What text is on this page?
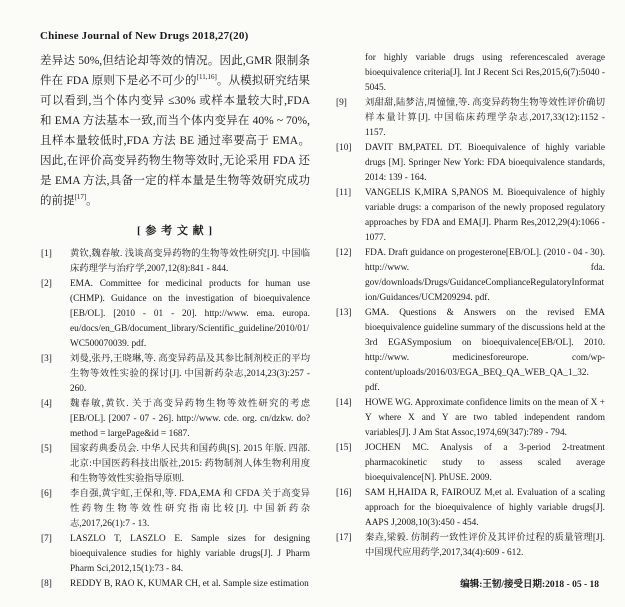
Chinese Journal of New Drugs 2018,27(20)

差异达 50%,但结论却等效的情况。因此,GMR 限制条件在 FDA 原则下是必不可少的[11,16]。从模拟研究结果可以看到,当个体内变异 ≤30% 或样本量较大时,FDA 和 EMA 方法基本一致,而当个体内变异在 40% ~ 70%,且样本量较低时,FDA 方法 BE 通过率要高于 EMA。因此,在评价高变异药物生物等效时,无论采用 FDA 还是 EMA 方法,具备一定的样本量是生物等效研究成功的前提[17]。

[ 参 考 文 献 ]
[1] 黄钦,魏春敏. 浅谈高变异药物的生物等效性研究[J]. 中国临床药理学与治疗学,2007,12(8):841 - 844.
[2] EMA. Committee for medicinal products for human use (CHMP). Guidance on the investigation of bioequivalence [EB/OL]. [2010 - 01 - 20]. http://www. ema. europa. eu/docs/en_GB/document_library/Scientific_guideline/2010/01/WC500070039. pdf.
[3] 刘曼,张丹,王晓琳,等. 高变异药品及其参比制剂校正的平均生物等效性实验的探讨[J]. 中国新药杂志,2014,23(3):257 - 260.
[4] 魏春敏,黄钦. 关于高变异药物生物等效性研究的考虑[EB/OL]. [2007 - 07 - 26]. http://www. cde. org. cn/dzkw. do? method = largePage&id = 1687.
[5] 国家药典委员会. 中华人民共和国药典[S]. 2015 年版. 四部. 北京:中国医药科技出版社,2015: 药物制剂人体生物利用度和生物等效性实验指导原则.
[6] 李自强,黄宇虹,王保和,等. FDA,EMA 和 CFDA 关于高变异性药物生物等效性研究指南比较[J]. 中国新药杂志,2017,26(1):7 - 13.
[7] LASZLO T, LASZLO E. Sample sizes for designing bioequivalence studies for highly variable drugs[J]. J Pharm Pharm Sci,2012,15(1):73 - 84.
[8] REDDY B, RAO K, KUMAR CH, et al. Sample size estimation
for highly variable drugs using referencescaled average bioequivalence criteria[J]. Int J Recent Sci Res,2015,6(7):5040 - 5045.
[9] 刘甜甜,陆梦洁,周憧憧,等. 高变异药物生物等效性评价确切样本量计算[J]. 中国临床药理学杂志,2017,33(12):1152 - 1157.
[10] DAVIT BM,PATEL DT. Bioequivalence of highly variable drugs [M]. Springer New York: FDA bioequivalence standards, 2014: 139 - 164.
[11] VANGELIS K,MIRA S,PANOS M. Bioequivalence of highly variable drugs: a comparison of the newly proposed regulatory approaches by FDA and EMA[J]. Pharm Res,2012,29(4):1066 - 1077.
[12] FDA. Draft guidance on progesterone[EB/OL]. (2010 - 04 - 30). http://www. fda. gov/downloads/Drugs/GuidanceComplianceRegulatoryInformation/Guidances/UCM209294. pdf.
[13] GMA. Questions & Answers on the revised EMA bioequivalence guideline summary of the discussions held at the 3rd EGASymposium on bioequivalence[EB/OL]. 2010. http://www. medicinesforeurope. com/wp-content/uploads/2016/03/EGA_BEQ_QA_WEB_QA_1_32. pdf.
[14] HOWE WG. Approximate confidence limits on the mean of X + Y where X and Y are two tabled independent random variables[J]. J Am Stat Assoc,1974,69(347):789 - 794.
[15] JOCHEN MC. Analysis of a 3-period 2-treatment pharmacokinetic study to assess scaled average bioequivalence[N]. PhUSE. 2009.
[16] SAM H,HAIDA R, FAIROUZ M,et al. Evaluation of a scaling approach for the bioequivalence of highly variable drugs[J]. AAPS J,2008,10(3):450 - 454.
[17] 秦垚,梁毅. 仿制药一致性评价及其评价过程的质量管理[J]. 中国现代应用药学,2017,34(4):609 - 612.
编辑:王韧/接受日期:2018 - 05 - 18
